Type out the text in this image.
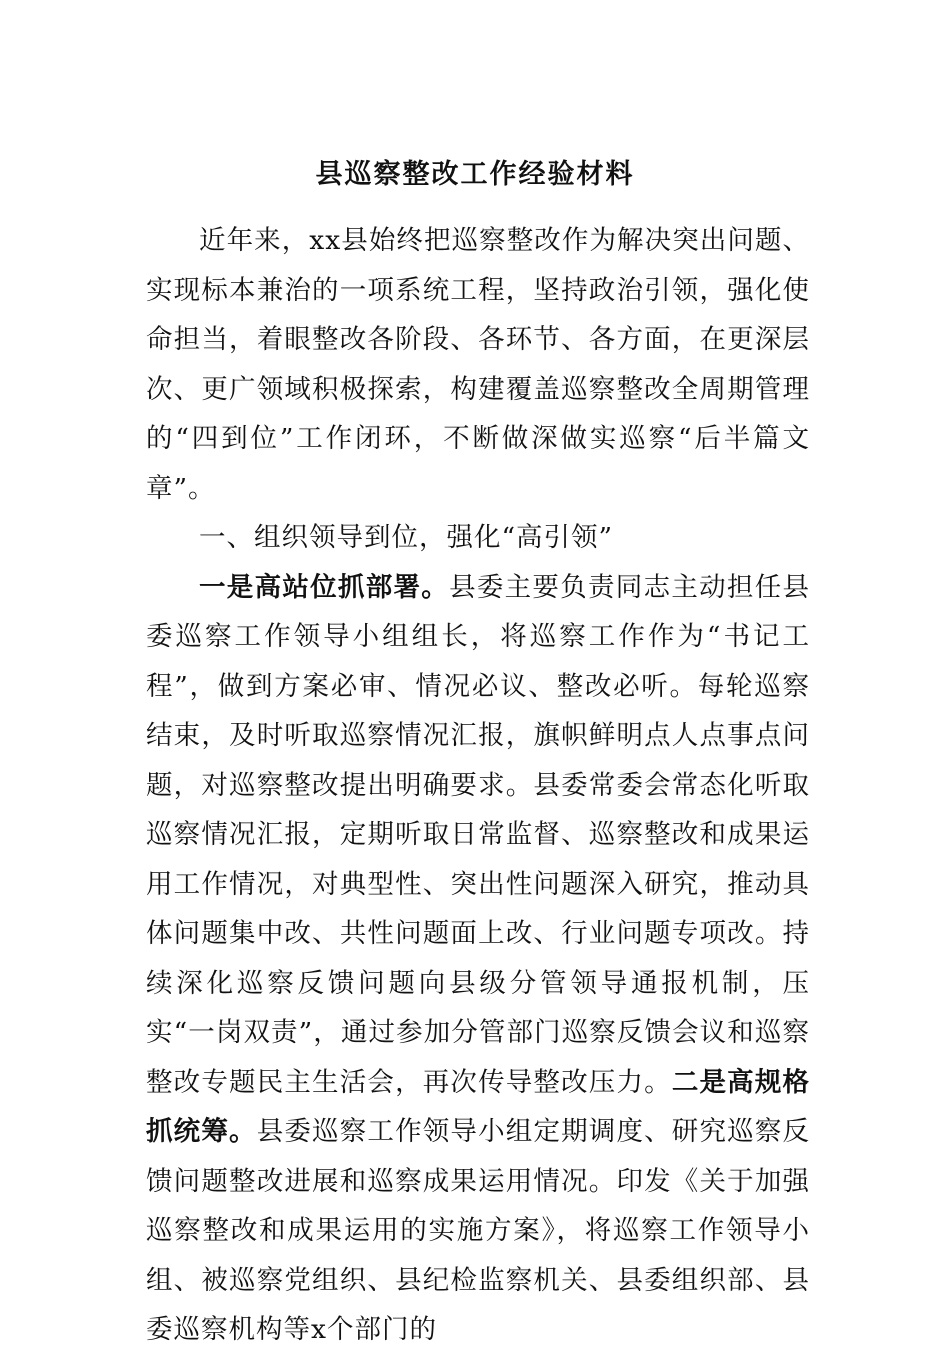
县巡察整改工作经验材料

近年来，xx县始终把巡察整改作为解决突出问题、实现标本兼治的一项系统工程，坚持政治引领，强化使命担当，着眼整改各阶段、各环节、各方面，在更深层次、更广领域积极探索，构建覆盖巡察整改全周期管理的“四到位”工作闭环，不断做深做实巡察“后半篇文章”。

一、组织领导到位，强化“高引领”

一是高站位抓部署。县委主要负责同志主动担任县委巡察工作领导小组组长，将巡察工作作为“书记工程”，做到方案必审、情况必议、整改必听。每轮巡察结束，及时听取巡察情况汇报，旗帜鲜明点人点事点问题，对巡察整改提出明确要求。县委常委会常态化听取巡察情况汇报，定期听取日常监督、巡察整改和成果运用工作情况，对典型性、突出性问题深入研究，推动具体问题集中改、共性问题面上改、行业问题专项改。持续深化巡察反馈问题向县级分管领导通报机制，压实“一岗双责”，通过参加分管部门巡察反馈会议和巡察整改专题民主生活会，再次传导整改压力。二是高规格抓统筹。县委巡察工作领导小组定期调度、研究巡察反馈问题整改进展和巡察成果运用情况。印发《关于加强巡察整改和成果运用的实施方案》，将巡察工作领导小组、被巡察党组织、县纪检监察机关、县委组织部、县委巡察机构等x个部门的
